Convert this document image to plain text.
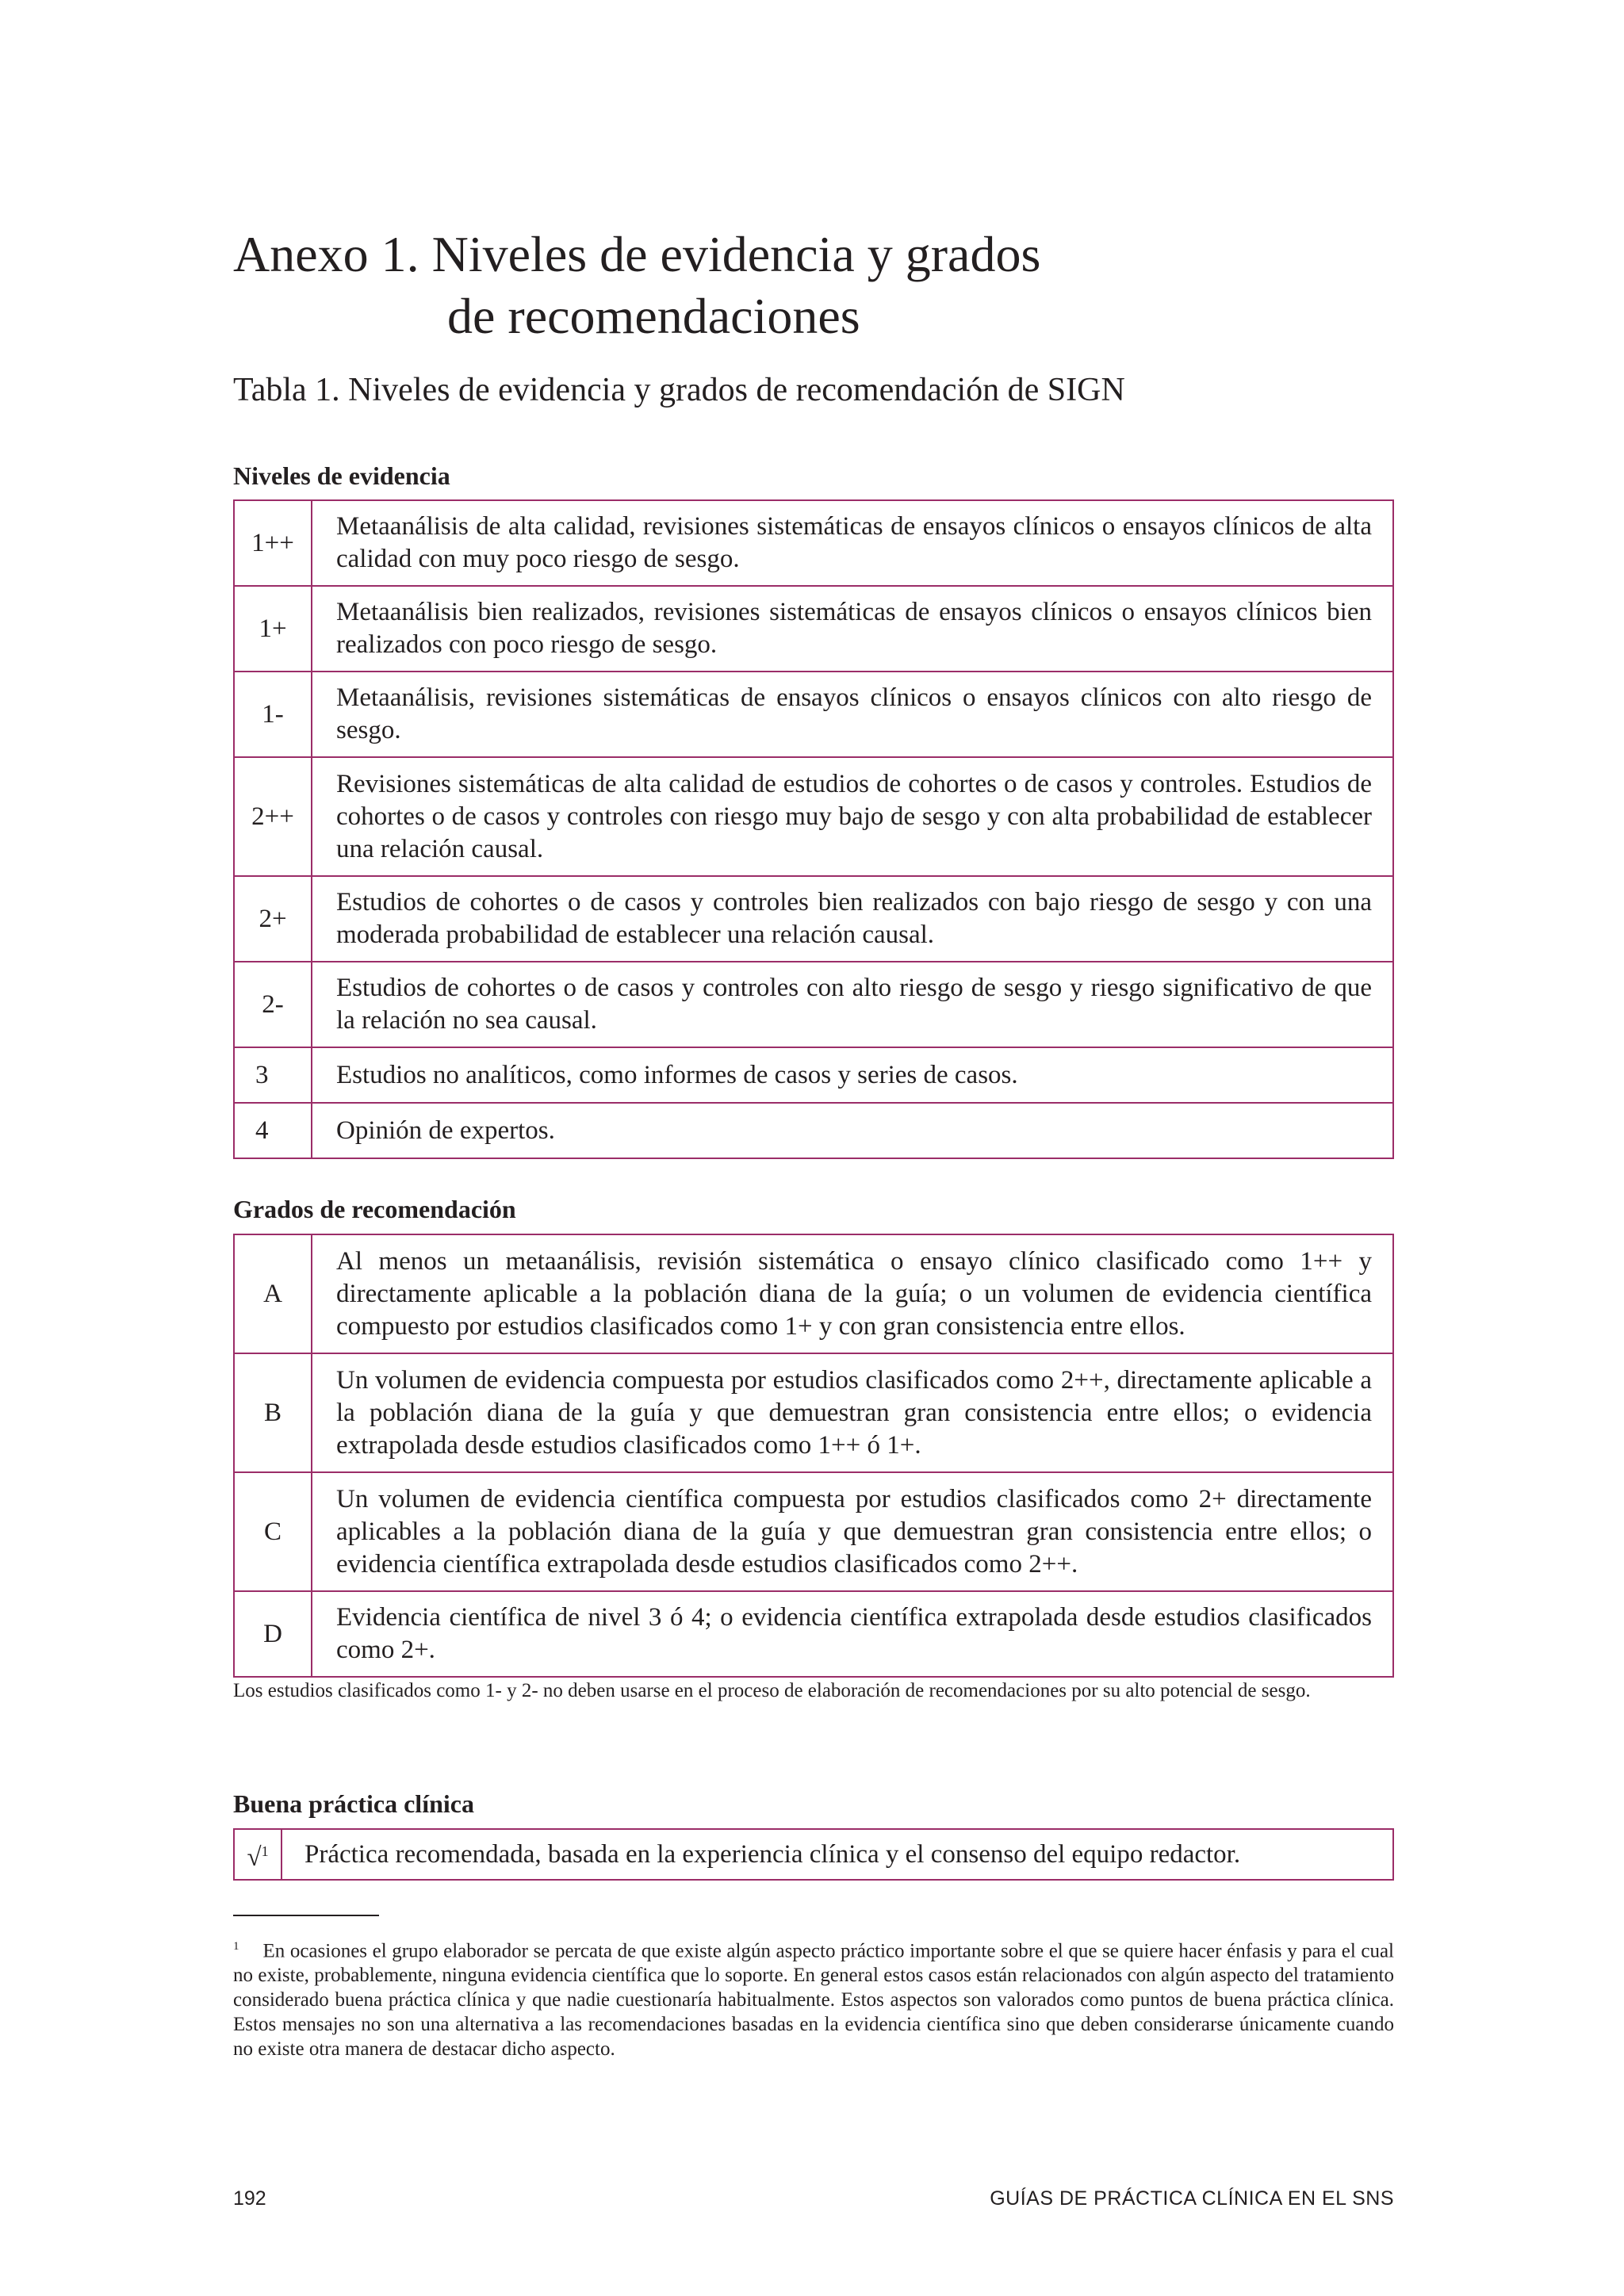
Anexo 1. Niveles de evidencia y grados
de recomendaciones
Tabla 1. Niveles de evidencia y grados de recomendación de SIGN
Niveles de evidencia
1++	Metaanálisis de alta calidad, revisiones sistemáticas de ensayos clínicos o ensayos clínicos de alta calidad con muy poco riesgo de sesgo.
1+	Metaanálisis bien realizados, revisiones sistemáticas de ensayos clínicos o ensayos clínicos bien realizados con poco riesgo de sesgo.
1-	Metaanálisis, revisiones sistemáticas de ensayos clínicos o ensayos clínicos con alto riesgo de sesgo.
2++	Revisiones sistemáticas de alta calidad de estudios de cohortes o de casos y controles. Estudios de cohortes o de casos y controles con riesgo muy bajo de sesgo y con alta probabilidad de establecer una relación causal.
2+	Estudios de cohortes o de casos y controles bien realizados con bajo riesgo de sesgo y con una moderada probabilidad de establecer una relación causal.
2-	Estudios de cohortes o de casos y controles con alto riesgo de sesgo y riesgo significativo de que la relación no sea causal.
3	Estudios no analíticos, como informes de casos y series de casos.
4	Opinión de expertos.
Grados de recomendación
A	Al menos un metaanálisis, revisión sistemática o ensayo clínico clasificado como 1++ y directamente aplicable a la población diana de la guía; o un volumen de evidencia científica compuesto por estudios clasificados como 1+ y con gran consistencia entre ellos.
B	Un volumen de evidencia compuesta por estudios clasificados como 2++, directamente aplicable a la población diana de la guía y que demuestran gran consistencia entre ellos; o evidencia extrapolada desde estudios clasificados como 1++ ó 1+.
C	Un volumen de evidencia científica compuesta por estudios clasificados como 2+ directamente aplicables a la población diana de la guía y que demuestran gran consistencia entre ellos; o evidencia científica extrapolada desde estudios clasificados como 2++.
D	Evidencia científica de nivel 3 ó 4; o evidencia científica extrapolada desde estudios clasificados como 2+.

Los estudios clasificados como 1- y 2- no deben usarse en el proceso de elaboración de recomendaciones por su alto potencial de sesgo.

Buena práctica clínica
√$^1$	Práctica recomendada, basada en la experiencia clínica y el consenso del equipo redactor.

$^1$ En ocasiones el grupo elaborador se percata de que existe algún aspecto práctico importante sobre el que se quiere hacer énfasis y para el cual no existe, probablemente, ninguna evidencia científica que lo soporte. En general estos casos están relacionados con algún aspecto del tratamiento considerado buena práctica clínica y que nadie cuestionaría habitualmente. Estos aspectos son valorados como puntos de buena práctica clínica. Estos mensajes no son una alternativa a las recomendaciones basadas en la evidencia científica sino que deben considerarse únicamente cuando no existe otra manera de destacar dicho aspecto.

192	GUÍAS DE PRÁCTICA CLÍNICA EN EL SNS
